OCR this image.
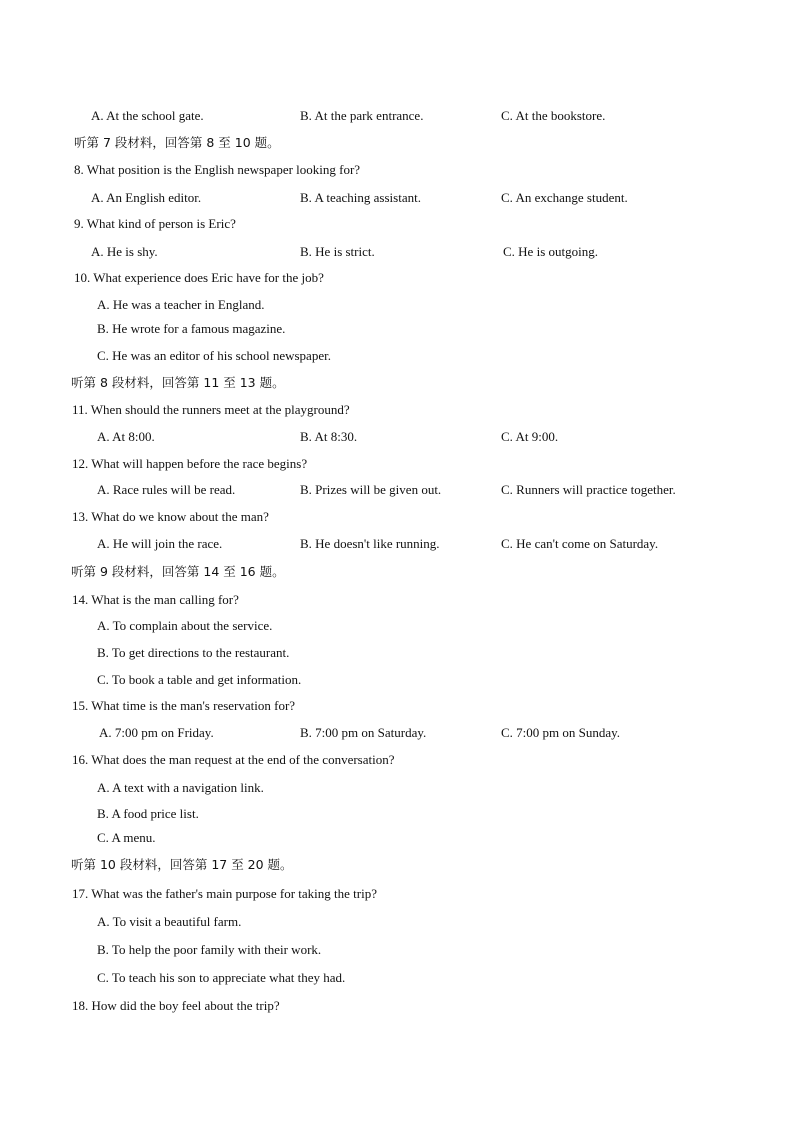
A. At the school gate.	B. At the park entrance.	C. At the bookstore.
听第 7 段材料，回答第 8 至 10 题。
8. What position is the English newspaper looking for?
A. An English editor.	B. A teaching assistant.	C. An exchange student.
9. What kind of person is Eric?
A. He is shy.	B. He is strict.	C. He is outgoing.
10. What experience does Eric have for the job?
A. He was a teacher in England.
B. He wrote for a famous magazine.
C. He was an editor of his school newspaper.
听第 8 段材料，回答第 11 至 13 题。
11. When should the runners meet at the playground?
A. At 8:00.	B. At 8:30.	C. At 9:00.
12. What will happen before the race begins?
A. Race rules will be read.	B. Prizes will be given out.	C. Runners will practice together.
13. What do we know about the man?
A. He will join the race.	B. He doesn't like running.	C. He can't come on Saturday.
听第 9 段材料，回答第 14 至 16 题。
14. What is the man calling for?
A. To complain about the service.
B. To get directions to the restaurant.
C. To book a table and get information.
15. What time is the man's reservation for?
A. 7:00 pm on Friday.	B. 7:00 pm on Saturday.	C. 7:00 pm on Sunday.
16. What does the man request at the end of the conversation?
A. A text with a navigation link.
B. A food price list.
C. A menu.
听第 10 段材料，回答第 17 至 20 题。
17. What was the father's main purpose for taking the trip?
A. To visit a beautiful farm.
B. To help the poor family with their work.
C. To teach his son to appreciate what they had.
18. How did the boy feel about the trip?
